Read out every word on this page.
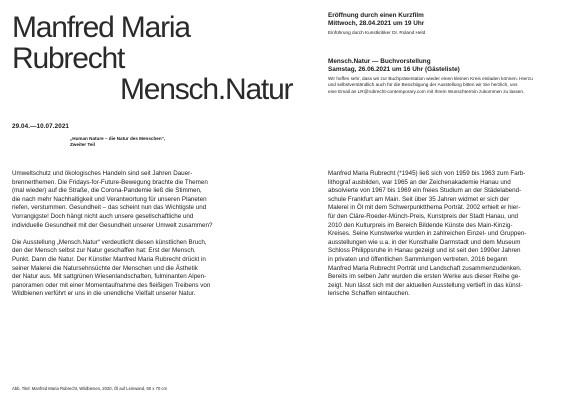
Manfred Maria
Rubrecht
Mensch.Natur
29.04.—10.07.2021
„Human Nature – die Natur des Menschen“,
Zweiter Teil
Eröffnung durch einen Kurzfilm
Mittwoch, 28.04.2021 um 19 Uhr
Einführung durch Kunstkritiker Dr. Roland Held
Mensch.Natur — Buchvorstellung
Samstag, 26.06.2021 um 16 Uhr (Gästeliste)
Wir hoffen sehr, dass wir zur Buchpräsentation wieder einen kleinen Kreis einladen können. Hierzu
und selbstverständlich auch für die Besichtigung der Ausstellung bitten wir Sie herzlich, uns
eine Email an LR@rubrecht-contemporary.com mit Ihrem Wunschtermin zukommen zu lassen.

Umweltschutz und ökologisches Handeln sind seit Jahren Dauer-
brennerthemen. Die Fridays-for-Future-Bewegung brachte die Themen
(mal wieder) auf die Straße, die Corona-Pandemie ließ die Stimmen,
die nach mehr Nachhaltigkeit und Verantwortung für unseren Planeten
riefen, verstummen. Gesundheit – das scheint nun das Wichtigste und
Vorrangigste! Doch hängt nicht auch unsere gesellschaftliche und
individuelle Gesundheit mit der Gesundheit unserer Umwelt zusammen?

Die Ausstellung „Mensch.Natur“ verdeutlicht diesen künstlichen Bruch,
den der Mensch selbst zur Natur geschaffen hat: Erst der Mensch.
Punkt. Dann die Natur. Der Künstler Manfred Maria Rubrecht drückt in
seiner Malerei die Natursehnsüchte der Menschen und die Ästhetik
der Natur aus. Mit sattgrünen Wiesenlandschaften, fulminanten Alpen-
panoramen oder mit einer Momentaufnahme des fleißigen Treibens von
Wildbienen verführt er uns in die unendliche Vielfalt unserer Natur.

Manfred Maria Rubrecht (*1945) ließ sich von 1959 bis 1963 zum Farb-
lithograf ausbilden, war 1965 an der Zeichenakademie Hanau und
absolvierte von 1967 bis 1969 ein freies Studium an der Städelabend-
schule Frankfurt am Main. Seit über 35 Jahren widmet er sich der
Malerei in Öl mit dem Schwerpunktthema Porträt. 2002 erhielt er hier-
für den Cläre-Roeder-Münch-Preis, Kunstpreis der Stadt Hanau, und
2010 den Kulturpreis im Bereich Bildende Künste des Main-Kinzig-
Kreises. Seine Kunstwerke wurden in zahlreichen Einzel- und Gruppen-
ausstellungen wie u.a. in der Kunsthalle Darmstadt und dem Museum
Schloss Philippsruhe in Hanau gezeigt und ist seit den 1990er Jahren
in privaten und öffentlichen Sammlungen vertreten. 2016 begann
Manfred Maria Rubrecht Porträt und Landschaft zusammenzudenken.
Bereits im selben Jahr wurden die ersten Werke aus dieser Reihe ge-
zeigt. Nun lässt sich mit der aktuellen Ausstellung vertieft in das künst-
lerische Schaffen eintauchen.

Abb. Titel: Manfred Maria Rubrecht, Wildbienen, 2020, Öl auf Leinwand, 60 x 70 cm
